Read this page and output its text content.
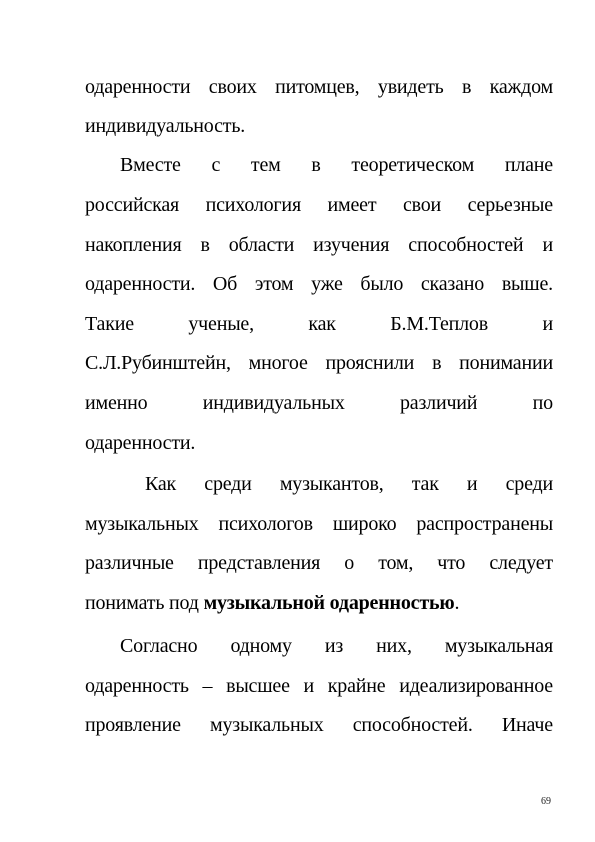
одаренности своих питомцев, увидеть в каждом
индивидуальность.
Вместе с тем в теоретическом плане
российская психология имеет свои серьезные
накопления в области изучения способностей и
одаренности. Об этом уже было сказано выше.
Такие	ученые,	как	Б.М.Теплов	и
С.Л.Рубинштейн, многое прояснили в понимании
именно	индивидуальных	различий	по
одаренности.
Как среди музыкантов, так и среди
музыкальных психологов широко распространены
различные представления о том, что следует
понимать под музыкальной одаренностью.
Согласно одному из них, музыкальная
одаренность – высшее и крайне идеализированное
проявление музыкальных способностей. Иначе
69
